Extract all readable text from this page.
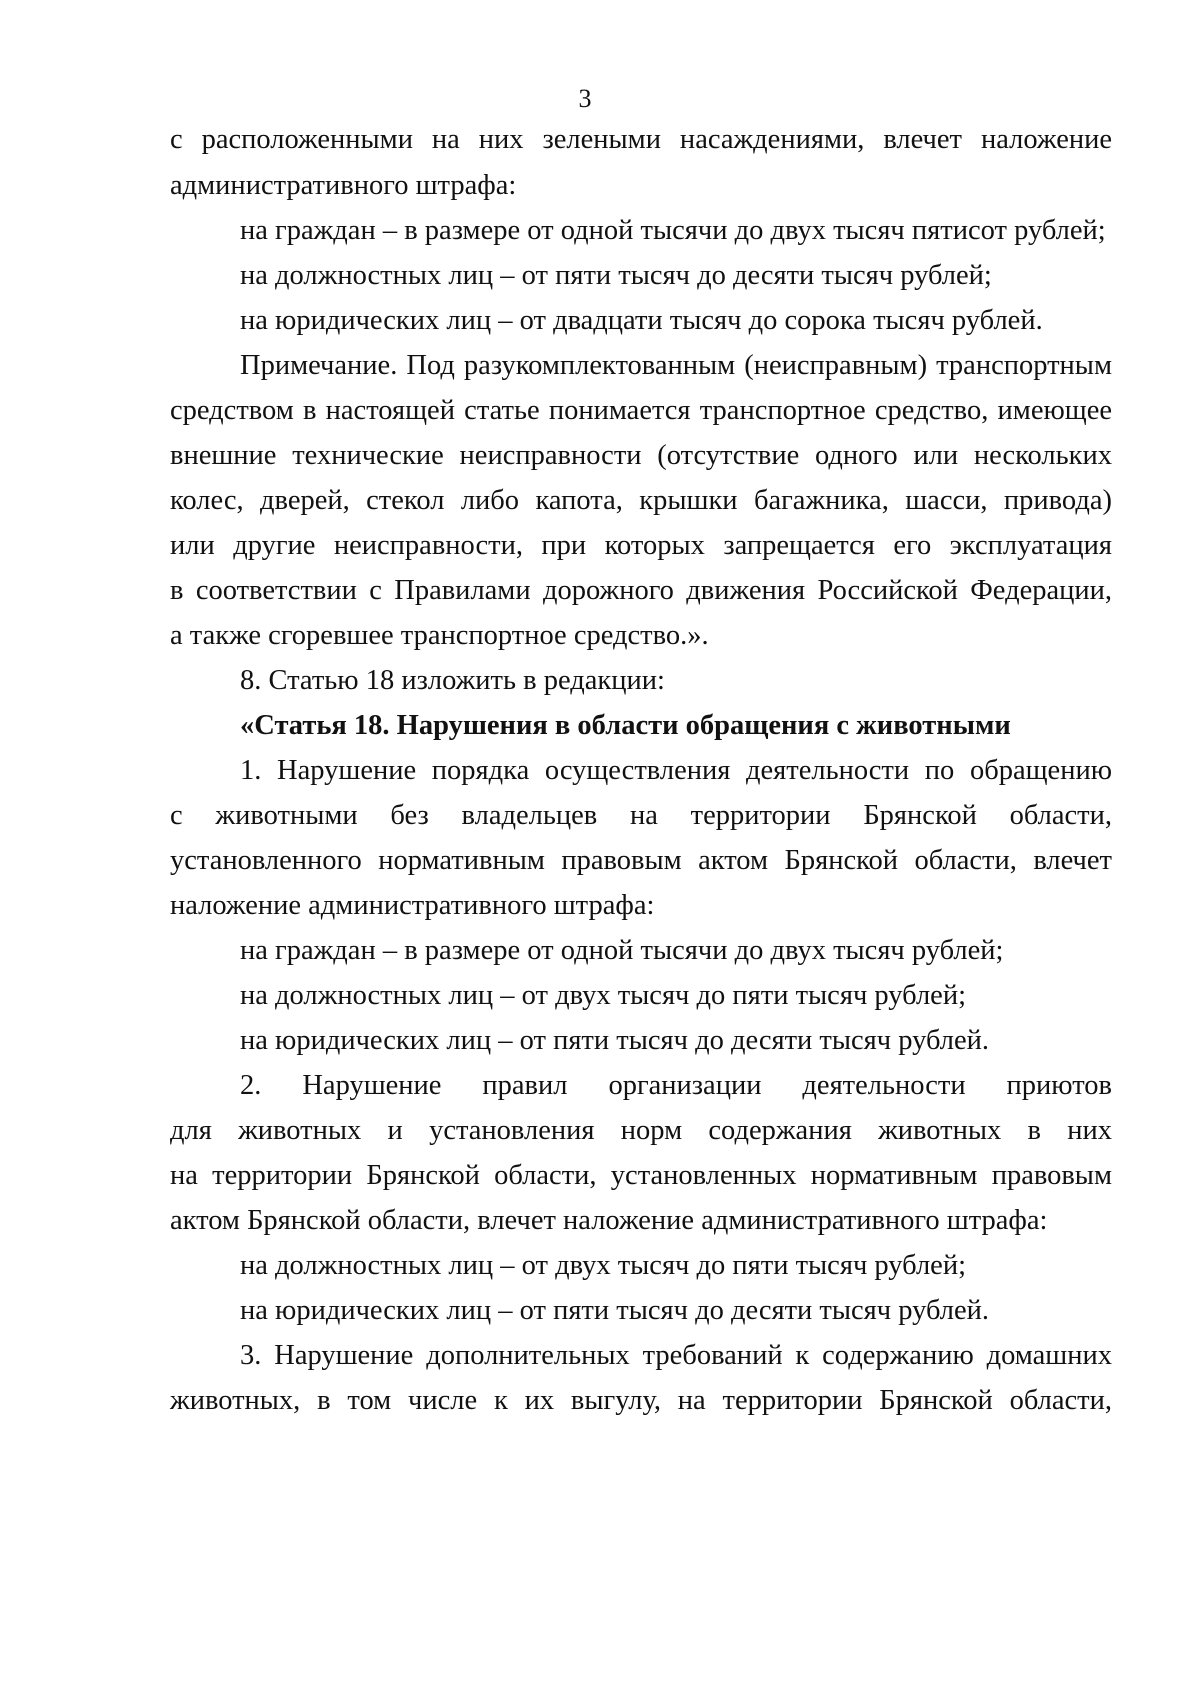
3
с расположенными на них зелеными насаждениями, влечет наложение
административного штрафа:
на граждан – в размере от одной тысячи до двух тысяч пятисот рублей;
на должностных лиц – от пяти тысяч до десяти тысяч рублей;
на юридических лиц – от двадцати тысяч до сорока тысяч рублей.
Примечание. Под разукомплектованным (неисправным) транспортным
средством в настоящей статье понимается транспортное средство, имеющее
внешние технические неисправности (отсутствие одного или нескольких
колес, дверей, стекол либо капота, крышки багажника, шасси, привода)
или другие неисправности, при которых запрещается его эксплуатация
в соответствии с Правилами дорожного движения Российской Федерации,
а также сгоревшее транспортное средство.».
8. Статью 18 изложить в редакции:
«Статья 18. Нарушения в области обращения с животными
1. Нарушение порядка осуществления деятельности по обращению
с животными без владельцев на территории Брянской области,
установленного нормативным правовым актом Брянской области, влечет
наложение административного штрафа:
на граждан – в размере от одной тысячи до двух тысяч рублей;
на должностных лиц – от двух тысяч до пяти тысяч рублей;
на юридических лиц – от пяти тысяч до десяти тысяч рублей.
2. Нарушение правил организации деятельности приютов
для животных и установления норм содержания животных в них
на территории Брянской области, установленных нормативным правовым
актом Брянской области, влечет наложение административного штрафа:
на должностных лиц – от двух тысяч до пяти тысяч рублей;
на юридических лиц – от пяти тысяч до десяти тысяч рублей.
3. Нарушение дополнительных требований к содержанию домашних
животных, в том числе к их выгулу, на территории Брянской области,
